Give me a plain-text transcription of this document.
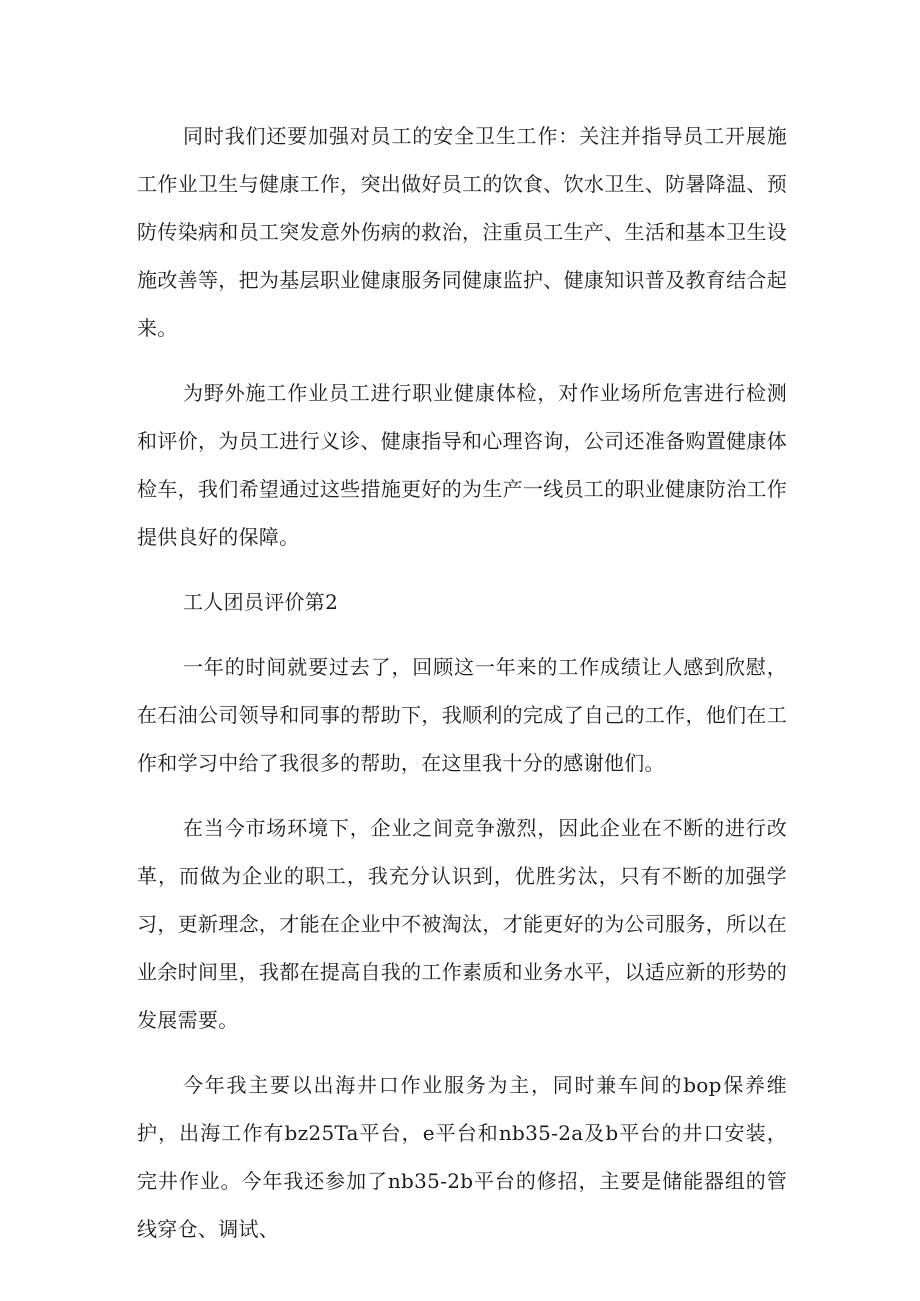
同时我们还要加强对员工的安全卫生工作：关注并指导员工开展施工作业卫生与健康工作，突出做好员工的饮食、饮水卫生、防暑降温、预防传染病和员工突发意外伤病的救治，注重员工生产、生活和基本卫生设施改善等，把为基层职业健康服务同健康监护、健康知识普及教育结合起来。

为野外施工作业员工进行职业健康体检，对作业场所危害进行检测和评价，为员工进行义诊、健康指导和心理咨询，公司还准备购置健康体检车，我们希望通过这些措施更好的为生产一线员工的职业健康防治工作提供良好的保障。

工人团员评价第2

一年的时间就要过去了，回顾这一年来的工作成绩让人感到欣慰，在石油公司领导和同事的帮助下，我顺利的完成了自己的工作，他们在工作和学习中给了我很多的帮助，在这里我十分的感谢他们。

在当今市场环境下，企业之间竞争激烈，因此企业在不断的进行改革，而做为企业的职工，我充分认识到，优胜劣汰，只有不断的加强学习，更新理念，才能在企业中不被淘汰，才能更好的为公司服务，所以在业余时间里，我都在提高自我的工作素质和业务水平，以适应新的形势的发展需要。

今年我主要以出海井口作业服务为主，同时兼车间的bop保养维护，出海工作有bz25Ta平台，e平台和nb35-2a及b平台的井口安装，完井作业。今年我还参加了nb35-2b平台的修招，主要是储能器组的管线穿仓、调试、
